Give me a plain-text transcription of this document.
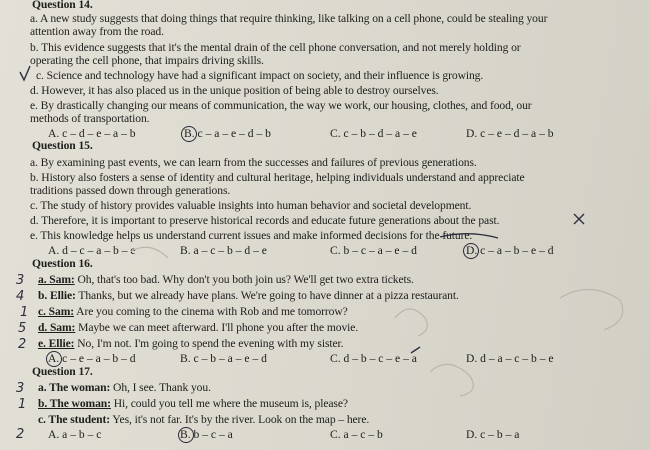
Question 14.
a. A new study suggests that doing things that require thinking, like talking on a cell phone, could be stealing your
attention away from the road.
b. This evidence suggests that it's the mental drain of the cell phone conversation, and not merely holding or
operating the cell phone, that impairs driving skills.
c. Science and technology have had a significant impact on society, and their influence is growing.
d. However, it has also placed us in the unique position of being able to destroy ourselves.
e. By drastically changing our means of communication, the way we work, our housing, clothes, and food, our
methods of transportation.
A. c – d – e – a – b	B. c – a – e – d – b	C. c – b – d – a – e	D. c – e – d – a – b
Question 15.
a. By examining past events, we can learn from the successes and failures of previous generations.
b. History also fosters a sense of identity and cultural heritage, helping individuals understand and appreciate
traditions passed down through generations.
c. The study of history provides valuable insights into human behavior and societal development.
d. Therefore, it is important to preserve historical records and educate future generations about the past.
e. This knowledge helps us understand current issues and make informed decisions for the future.
A. d – c – a – b – e	B. a – c – b – d – e	C. b – c – a – e – d	D. c – a – b – e – d
Question 16.
a. Sam: Oh, that's too bad. Why don't you both join us? We'll get two extra tickets.
b. Ellie: Thanks, but we already have plans. We're going to have dinner at a pizza restaurant.
c. Sam: Are you coming to the cinema with Rob and me tomorrow?
d. Sam: Maybe we can meet afterward. I'll phone you after the movie.
e. Ellie: No, I'm not. I'm going to spend the evening with my sister.
A. c – e – a – b – d	B. c – b – a – e – d	C. d – b – c – e – a	D. d – a – c – b – e
Question 17.
a. The woman: Oh, I see. Thank you.
b. The woman: Hi, could you tell me where the museum is, please?
c. The student: Yes, it's not far. It's by the river. Look on the map – here.
A. a – b – c	B. b – c – a	C. a – c – b	D. c – b – a
3
4
1
5
2
3
1
2
